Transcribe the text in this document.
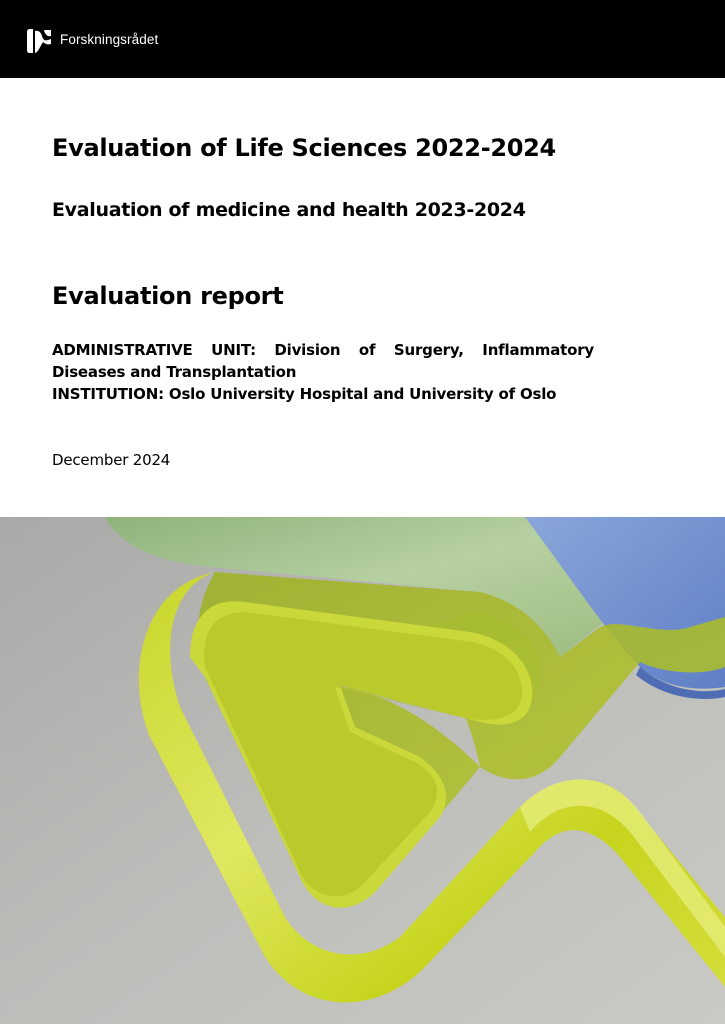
Forskningsrådet
Evaluation of Life Sciences 2022-2024
Evaluation of medicine and health 2023-2024
Evaluation report
ADMINISTRATIVE UNIT: Division of Surgery, Inflammatory
Diseases and Transplantation
INSTITUTION: Oslo University Hospital and University of Oslo
December 2024
